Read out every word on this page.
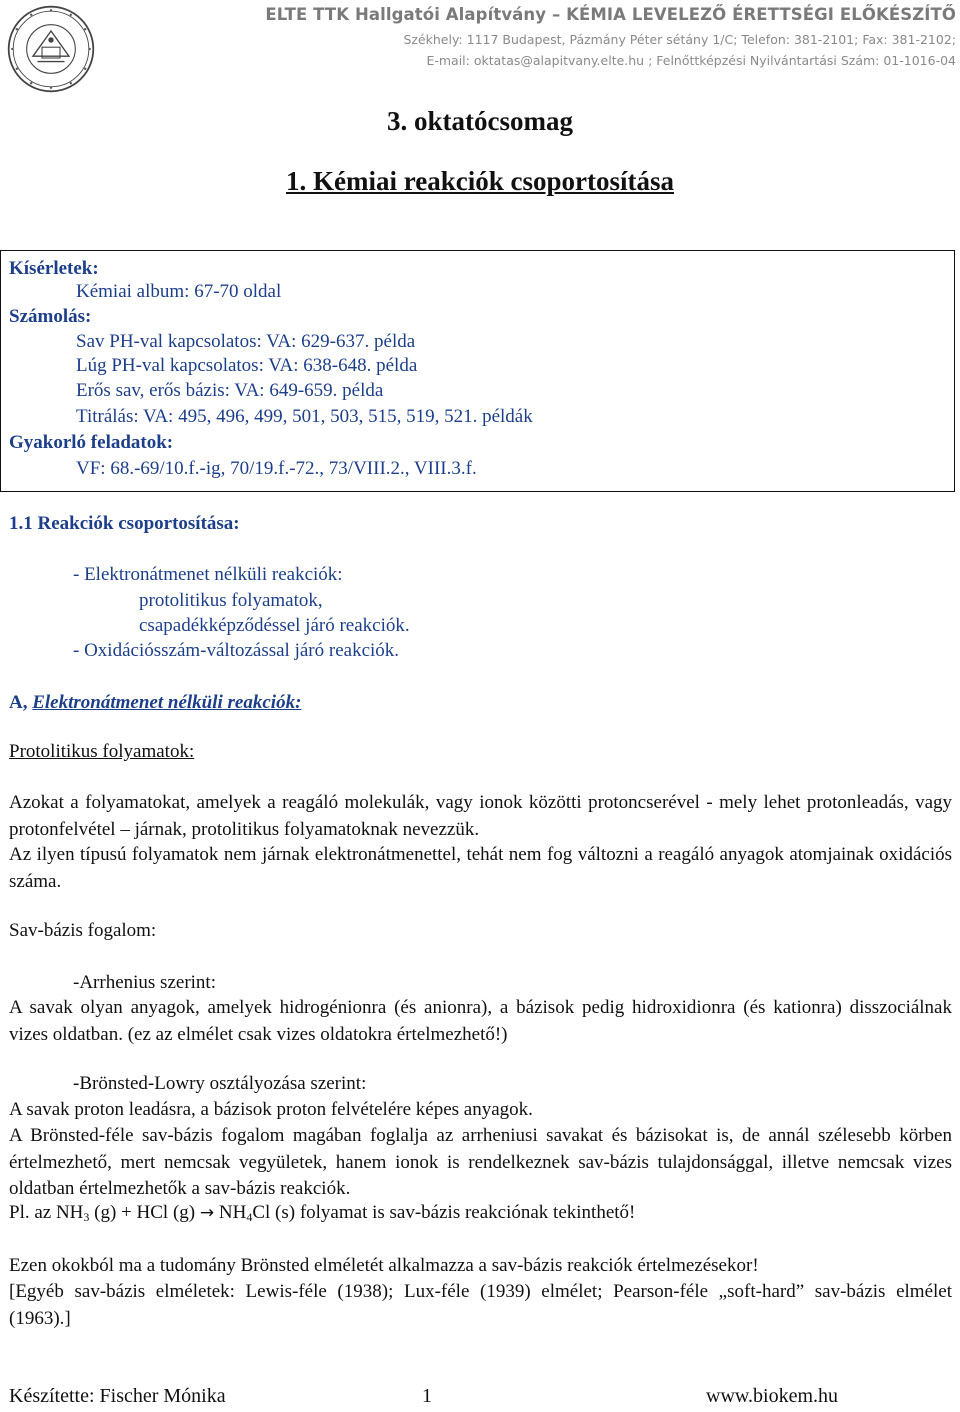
ELTE TTK Hallgatói Alapítvány – KÉMIA LEVELEZŐ ÉRETTSÉGI ELŐKÉSZÍTŐ
Székhely: 1117 Budapest, Pázmány Péter sétány 1/C; Telefon: 381-2101; Fax: 381-2102;
E-mail: oktatas@alapitvany.elte.hu ; Felnőttképzési Nyilvántartási Szám: 01-1016-04
3. oktatócsomag
1. Kémiai reakciók csoportosítása
Kísérletek:
Kémiai album: 67-70 oldal
Számolás:
Sav PH-val kapcsolatos: VA: 629-637. példa
Lúg PH-val kapcsolatos: VA: 638-648. példa
Erős sav, erős bázis: VA: 649-659. példa
Titrálás: VA: 495, 496, 499, 501, 503, 515, 519, 521. példák
Gyakorló feladatok:
VF: 68.-69/10.f.-ig, 70/19.f.-72., 73/VIII.2., VIII.3.f.
1.1 Reakciók csoportosítása:
- Elektronátmenet nélküli reakciók:
protolitikus folyamatok,
csapadékképződéssel járó reakciók.
- Oxidációsszám-változással járó reakciók.
A, Elektronátmenet nélküli reakciók:
Protolitikus folyamatok:
Azokat a folyamatokat, amelyek a reagáló molekulák, vagy ionok közötti protoncserével - mely lehet protonleadás, vagy protonfelvétel – járnak, protolitikus folyamatoknak nevezzük.
Az ilyen típusú folyamatok nem járnak elektronátmenettel, tehát nem fog változni a reagáló anyagok atomjainak oxidációs száma.
Sav-bázis fogalom:
-Arrhenius szerint:
A savak olyan anyagok, amelyek hidrogénionra (és anionra), a bázisok pedig hidroxidionra (és kationra) disszociálnak vizes oldatban. (ez az elmélet csak vizes oldatokra értelmezhető!)
-Brönsted-Lowry osztályozása szerint:
A savak proton leadásra, a bázisok proton felvételére képes anyagok.
A Brönsted-féle sav-bázis fogalom magában foglalja az arrheniusi savakat és bázisokat is, de annál szélesebb körben értelmezhető, mert nemcsak vegyületek, hanem ionok is rendelkeznek sav-bázis tulajdonsággal, illetve nemcsak vizes oldatban értelmezhetők a sav-bázis reakciók.
Pl. az $NH_3$ (g) + HCl $(g) \to NH_4Cl$ (s) folyamat is sav-bázis reakciónak tekinthető!
Ezen okokból ma a tudomány Brönsted elméletét alkalmazza a sav-bázis reakciók értelmezésekor!
[Egyéb sav-bázis elméletek: Lewis-féle (1938); Lux-féle (1939) elmélet; Pearson-féle „soft-hard” sav-bázis elmélet (1963).]
Készítette: Fischer Mónika	1	www.biokem.hu
